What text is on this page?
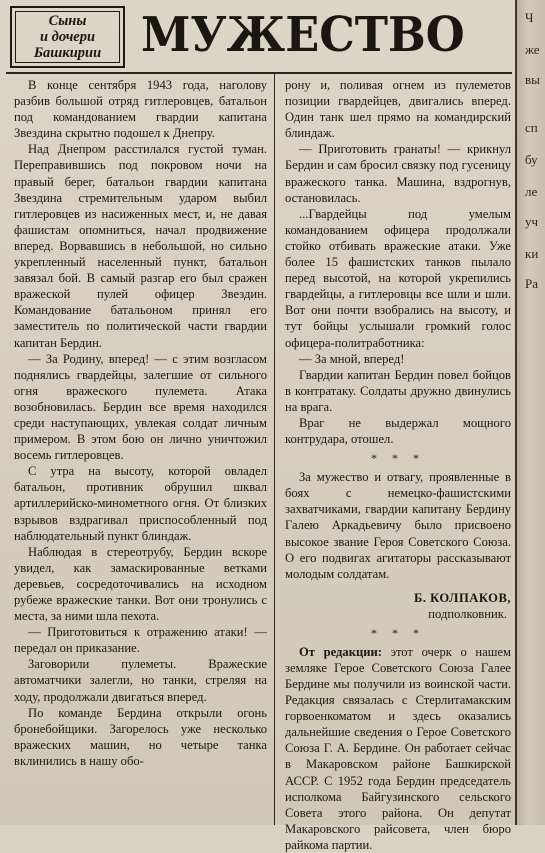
Сыны
и дочери
Башкирии МУЖЕСТВО	Ч
же
вы
сп
бу
ле
уч
ки
Ра

В конце сентября 1943 года, наголову разбив большой отряд гитлеровцев, батальон под командованием гвардии капитана Звездина скрытно подошел к Днепру.

Над Днепром расстилался густой туман. Переправившись под покровом ночи на правый берег, батальон гвардии капитана Звездина стремительным ударом выбил гитлеровцев из насиженных мест, и, не давая фашистам опомниться, начал продвижение вперед. Ворвавшись в небольшой, но сильно укрепленный населенный пункт, батальон завязал бой. В самый разгар его был сражен вражеской пулей офицер Звездин. Командование батальоном принял его заместитель по политической части гвардии капитан Бердин.

— За Родину, вперед! — с этим возгласом поднялись гвардейцы, залегшие от сильного огня вражеского пулемета. Атака возобновилась. Бердин все время находился среди наступающих, увлекая солдат личным примером. В этом бою он лично уничтожил восемь гитлеровцев.

С утра на высоту, которой овладел батальон, противник обрушил шквал артиллерийско-минометного огня. От близких взрывов вздрагивал приспособленный под наблюдательный пункт блиндаж.

Наблюдая в стереотрубу, Бердин вскоре увидел, как замаскированные ветками деревьев, сосредоточивались на исходном рубеже вражеские танки. Вот они тронулись с места, за ними шла пехота.

— Приготовиться к отражению атаки! — передал он приказание.

Заговорили пулеметы. Вражеские автоматчики залегли, но танки, стреляя на ходу, продолжали двигаться вперед.

По команде Бердина открыли огонь бронебойщики. Загорелось уже несколько вражеских машин, но четыре танка вклинились в нашу обо-

рону и, поливая огнем из пулеметов позиции гвардейцев, двигались вперед. Один танк шел прямо на командирский блиндаж.

— Приготовить гранаты! — крикнул Бердин и сам бросил связку под гусеницу вражеского танка. Машина, вздрогнув, остановилась.

...Гвардейцы под умелым командованием офицера продолжали стойко отбивать вражеские атаки. Уже более 15 фашистских танков пылало перед высотой, на которой укрепились гвардейцы, а гитлеровцы все шли и шли. Вот они почти взобрались на высоту, и тут бойцы услышали громкий голос офицера-политработника:

— За мной, вперед!

Гвардии капитан Бердин повел бойцов в контратаку. Солдаты дружно двинулись на врага.

Враг не выдержал мощного контрудара, отошел.

* * *

За мужество и отвагу, проявленные в боях с немецко-фашистскими захватчиками, гвардии капитану Бердину Галею Аркадьевичу было присвоено высокое звание Героя Советского Союза. О его подвигах агитаторы рассказывают молодым солдатам.

Б. КОЛПАКОВ,
подполковник.
* * *

От редакции: этот очерк о нашем земляке Герое Советского Союза Галее Бердине мы получили из воинской части. Редакция связалась с Стерлитамакским горвоенкоматом и здесь оказались дальнейшие сведения о Герое Советского Союза Г. А. Бердине. Он работает сейчас в Макаровском районе Башкирской АССР. С 1952 года Бердин председатель исполкома Байгузинского сельского Совета этого района. Он депутат Макаровского райсовета, член бюро райкома партии.
